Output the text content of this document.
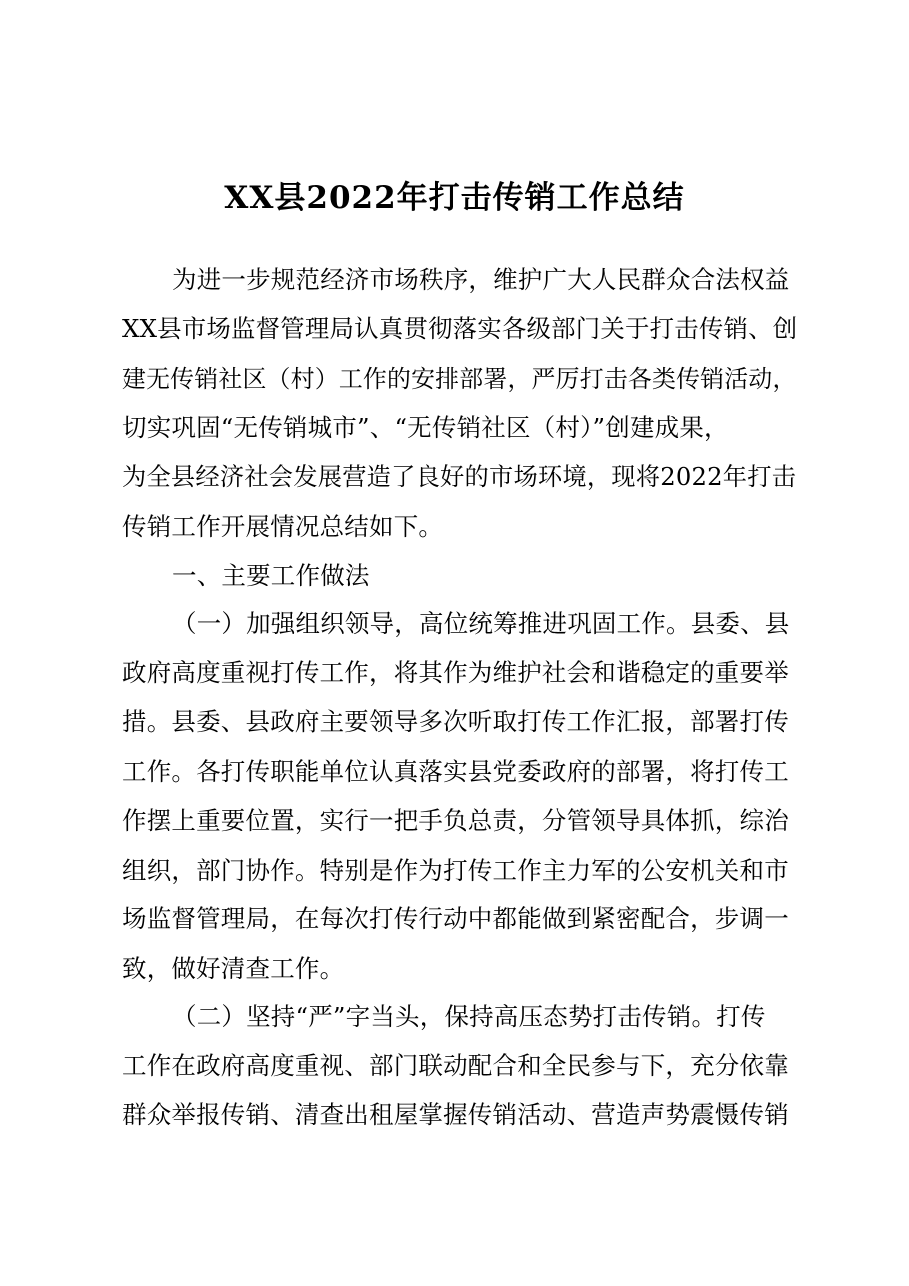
XX县2022年打击传销工作总结
为进一步规范经济市场秩序，维护广大人民群众合法权益
XX县市场监督管理局认真贯彻落实各级部门关于打击传销、创
建无传销社区（村）工作的安排部署，严厉打击各类传销活动，
切实巩固“无传销城市”、“无传销社区（村）”创建成果，
为全县经济社会发展营造了良好的市场环境，现将2022年打击
传销工作开展情况总结如下。
一、主要工作做法
（一）加强组织领导，高位统筹推进巩固工作。县委、县
政府高度重视打传工作，将其作为维护社会和谐稳定的重要举
措。县委、县政府主要领导多次听取打传工作汇报，部署打传
工作。各打传职能单位认真落实县党委政府的部署，将打传工
作摆上重要位置，实行一把手负总责，分管领导具体抓，综治
组织，部门协作。特别是作为打传工作主力军的公安机关和市
场监督管理局，在每次打传行动中都能做到紧密配合，步调一
致，做好清查工作。
（二）坚持“严”字当头，保持高压态势打击传销。打传
工作在政府高度重视、部门联动配合和全民参与下，充分依靠
群众举报传销、清查出租屋掌握传销活动、营造声势震慑传销
